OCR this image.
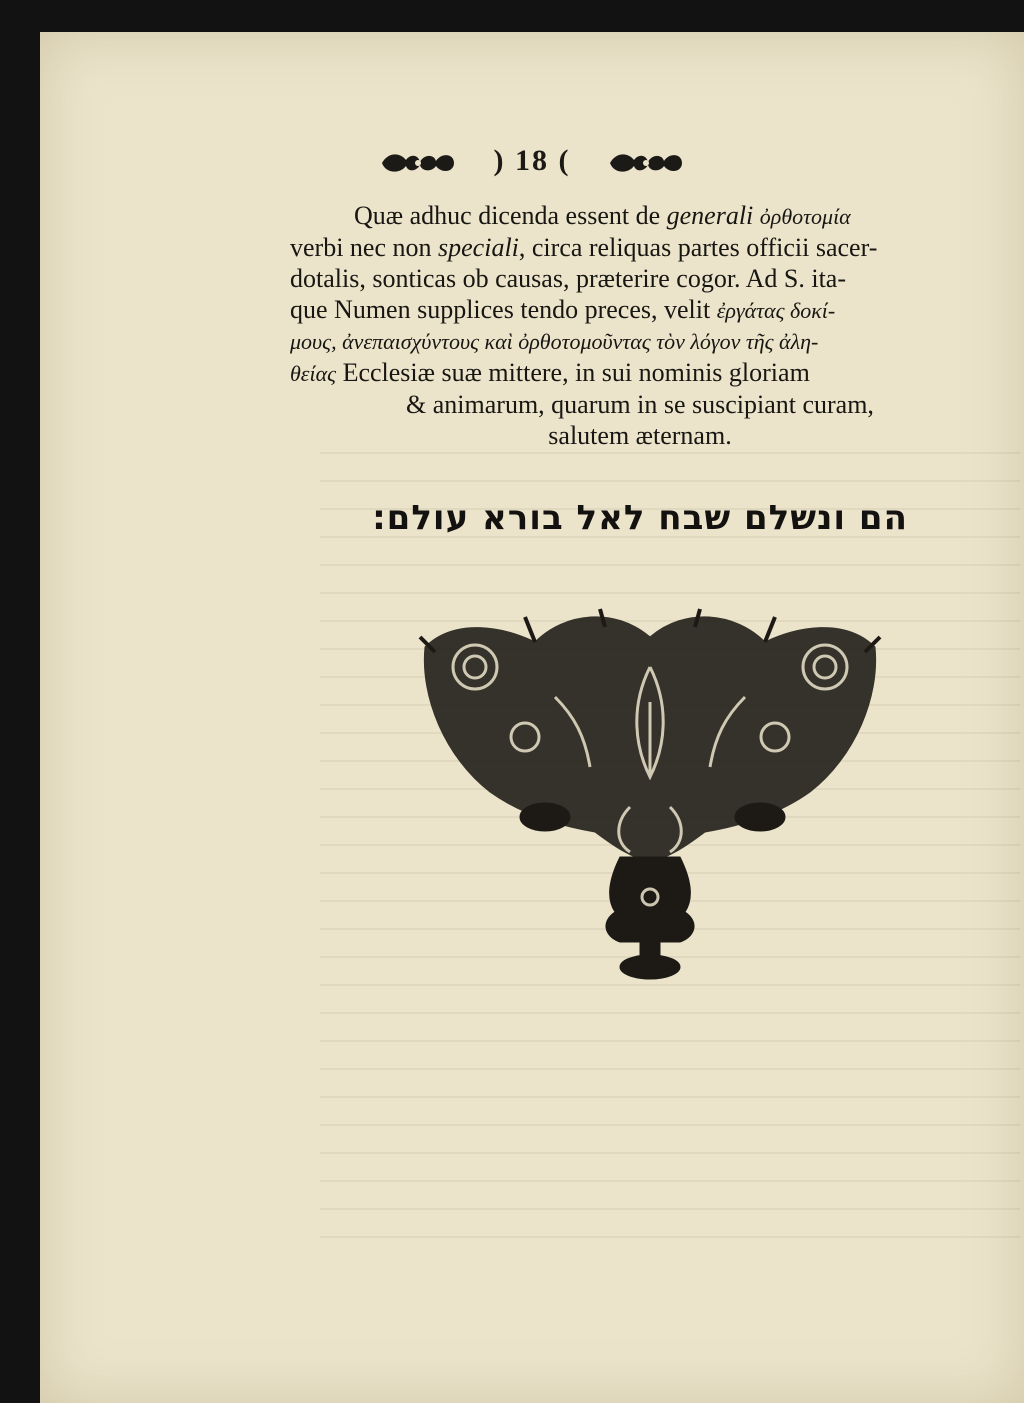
) 18 (
Quæ adhuc dicenda essent de generali ὀρθοτομία
verbi nec non speciali, circa reliquas partes officii sacer-
dotalis, sonticas ob causas, præterire cogor. Ad S. ita-
que Numen supplices tendo preces, velit ἐργάτας δοκί-
μους, ἀνεπαισχύντους καὶ ὀρθοτομοῦντας τὸν λόγον τῆς ἀλη-
θείας Ecclesiæ suæ mittere, in sui nominis gloriam
& animarum, quarum in se suscipiant curam,
salutem æternam.
הם ונשלם שבח לאל בורא עולם:
